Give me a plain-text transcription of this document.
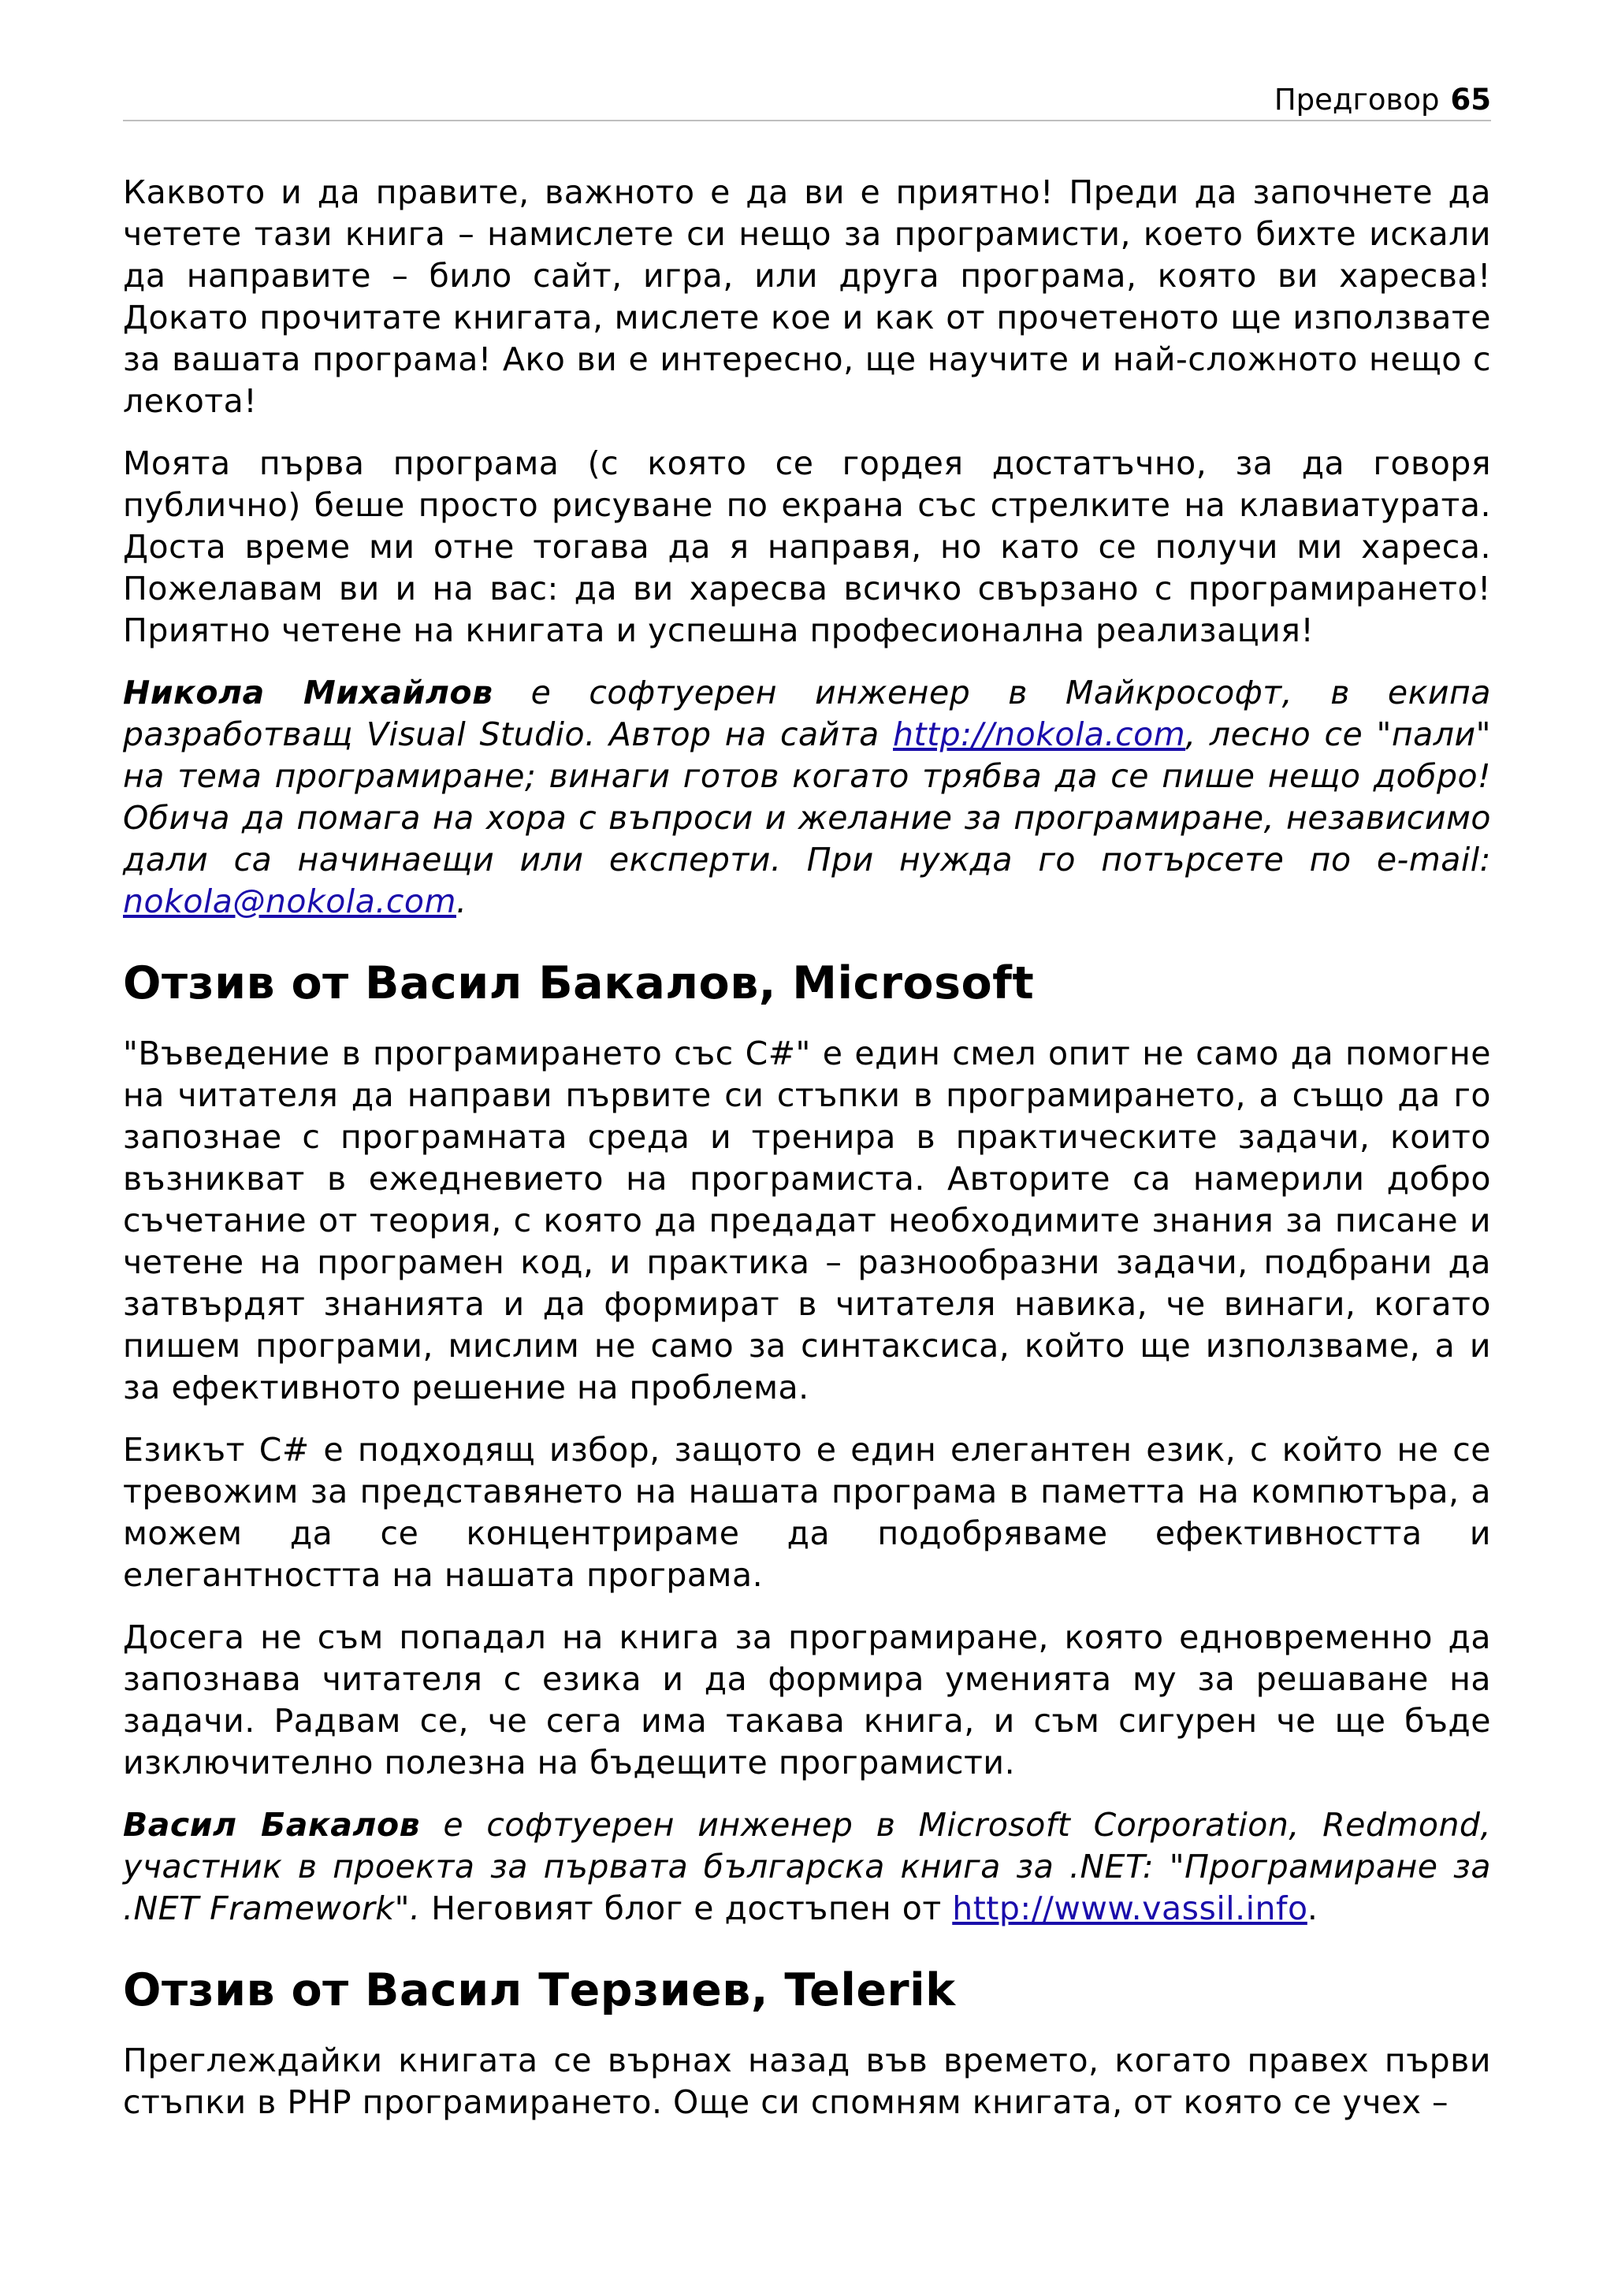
Предговор 65

Каквото и да правите, важното е да ви е приятно! Преди да започнете да четете тази книга – намислете си нещо за програмисти, което бихте искали да направите – било сайт, игра, или друга програма, която ви харесва! Докато прочитате книгата, мислете кое и как от прочетеното ще използвате за вашата програма! Ако ви е интересно, ще научите и най-сложното нещо с лекота!

Моята първа програма (с която се гордея достатъчно, за да говоря публично) беше просто рисуване по екрана със стрелките на клавиатурата. Доста време ми отне тогава да я направя, но като се получи ми хареса. Пожелавам ви и на вас: да ви харесва всичко свързано с програмирането! Приятно четене на книгата и успешна професионална реализация!

Никола Михайлов е софтуерен инженер в Майкрософт, в екипа разработващ Visual Studio. Автор на сайта http://nokola.com, лесно се "пали" на тема програмиране; винаги готов когато трябва да се пише нещо добро! Обича да помага на хора с въпроси и желание за програмиране, независимо дали са начинаещи или експерти. При нужда го потърсете по e-mail: nokola@nokola.com.

Отзив от Васил Бакалов, Microsoft

"Въведение в програмирането със C#" е един смел опит не само да помогне на читателя да направи първите си стъпки в програмирането, а също да го запознае с програмната среда и тренира в практическите задачи, които възникват в ежедневието на програмиста. Авторите са намерили добро съчетание от теория, с която да предадат необходимите знания за писане и четене на програмен код, и практика – разнообразни задачи, подбрани да затвърдят знанията и да формират в читателя навика, че винаги, когато пишем програми, мислим не само за синтаксиса, който ще използваме, а и за ефективното решение на проблема.

Езикът C# е подходящ избор, защото е един елегантен език, с който не се тревожим за представянето на нашата програма в паметта на компютъра, а можем да се концентрираме да подобряваме ефективността и елегантността на нашата програма.

Досега не съм попадал на книга за програмиране, която едновременно да запознава читателя с езика и да формира уменията му за решаване на задачи. Радвам се, че сега има такава книга, и съм сигурен че ще бъде изключително полезна на бъдещите програмисти.

Васил Бакалов е софтуерен инженер в Microsoft Corporation, Redmond, участник в проекта за първата българска книга за .NET: "Програмиране за .NET Framework". Неговият блог е достъпен от http://www.vassil.info.

Отзив от Васил Терзиев, Telerik

Преглеждайки книгата се върнах назад във времето, когато правех първи стъпки в PHP програмирането. Още си спомням книгата, от която се учех –
